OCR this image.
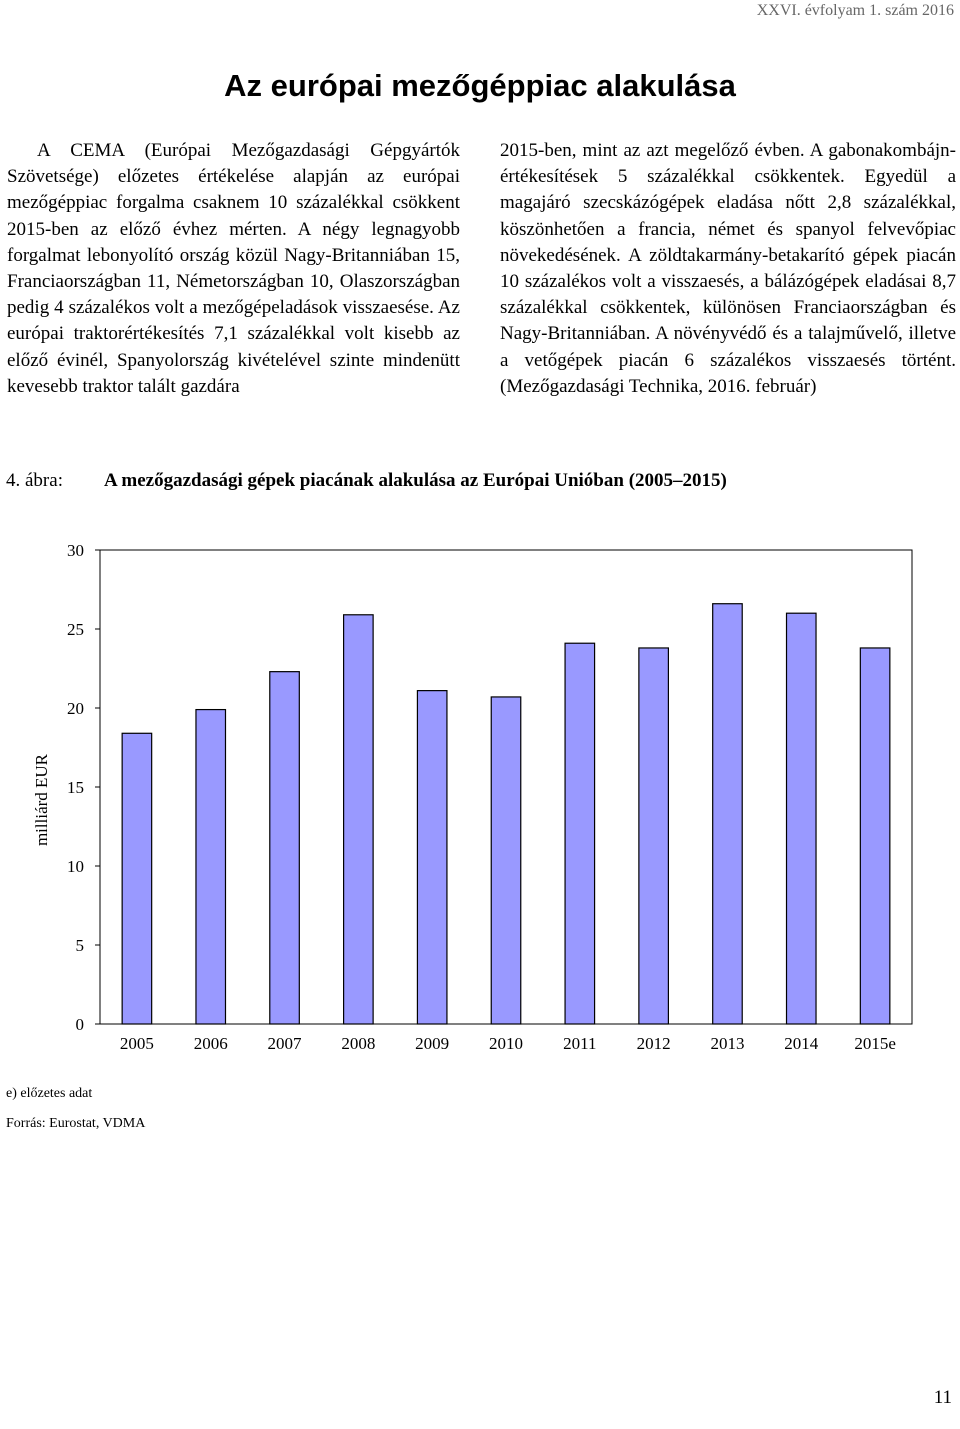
XXVI. évfolyam 1. szám 2016
Az európai mezőgéppiac alakulása

A CEMA (Európai Mezőgazdasági Gépgyártók Szövetsége) előzetes értékelése alapján az európai mezőgéppiac forgalma csaknem 10 százalékkal csökkent 2015-ben az előző évhez mérten. A négy legnagyobb forgalmat lebonyolító ország közül Nagy-Britanniában 15, Franciaországban 11, Németországban 10, Olaszországban pedig 4 százalékos volt a mezőgépeladások visszaesése. Az európai traktorértékesítés 7,1 százalékkal volt kisebb az előző évinél, Spanyolország kivételével szinte mindenütt kevesebb traktor talált gazdára

2015-ben, mint az azt megelőző évben. A gabonakombájn-értékesítések 5 százalékkal csökkentek. Egyedül a magajáró szecskázógépek eladása nőtt 2,8 százalékkal, köszönhetően a francia, német és spanyol felvevőpiac növekedésének. A zöldtakarmány-betakarító gépek piacán 10 százalékos volt a visszaesés, a bálázógépek eladásai 8,7 százalékkal csökkentek, különösen Franciaországban és Nagy-Britanniában. A növényvédő és a talajművelő, illetve a vetőgépek piacán 6 százalékos visszaesés történt. (Mezőgazdasági Technika, 2016. február)

4. ábra: A mezőgazdasági gépek piacának alakulása az Európai Unióban (2005–2015)
milliárd EUR
0
5
10
15
20
25
30
2005 2006 2007 2008 2009 2010 2011 2012 2013 2014 2015e
e) előzetes adat
Forrás: Eurostat, VDMA
11
